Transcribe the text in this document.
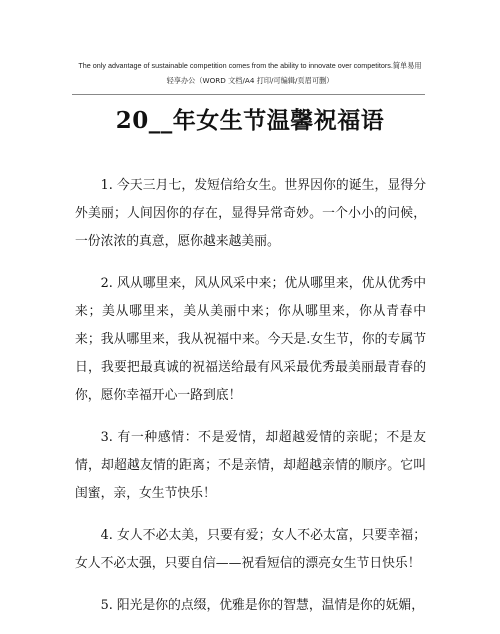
The only advantage of sustainable competition comes from the ability to innovate over competitors.简单易用
轻享办公（WORD 文档/A4 打印/可编辑/页眉可删）
20__年女生节温馨祝福语

1. 今天三月七，发短信给女生。世界因你的诞生，显得分外美丽；人间因你的存在，显得异常奇妙。一个小小的问候，一份浓浓的真意，愿你越来越美丽。

2. 风从哪里来，风从风采中来；优从哪里来，优从优秀中来；美从哪里来，美从美丽中来；你从哪里来，你从青春中来；我从哪里来，我从祝福中来。今天是.女生节，你的专属节日，我要把最真诚的祝福送给最有风采最优秀最美丽最青春的你，愿你幸福开心一路到底！

3. 有一种感情：不是爱情，却超越爱情的亲昵；不是友情，却超越友情的距离；不是亲情，却超越亲情的顺序。它叫闺蜜，亲，女生节快乐！

4. 女人不必太美，只要有爱；女人不必太富，只要幸福；女人不必太强，只要自信——祝看短信的漂亮女生节日快乐！

5. 阳光是你的点缀，优雅是你的智慧，温情是你的妩媚，
